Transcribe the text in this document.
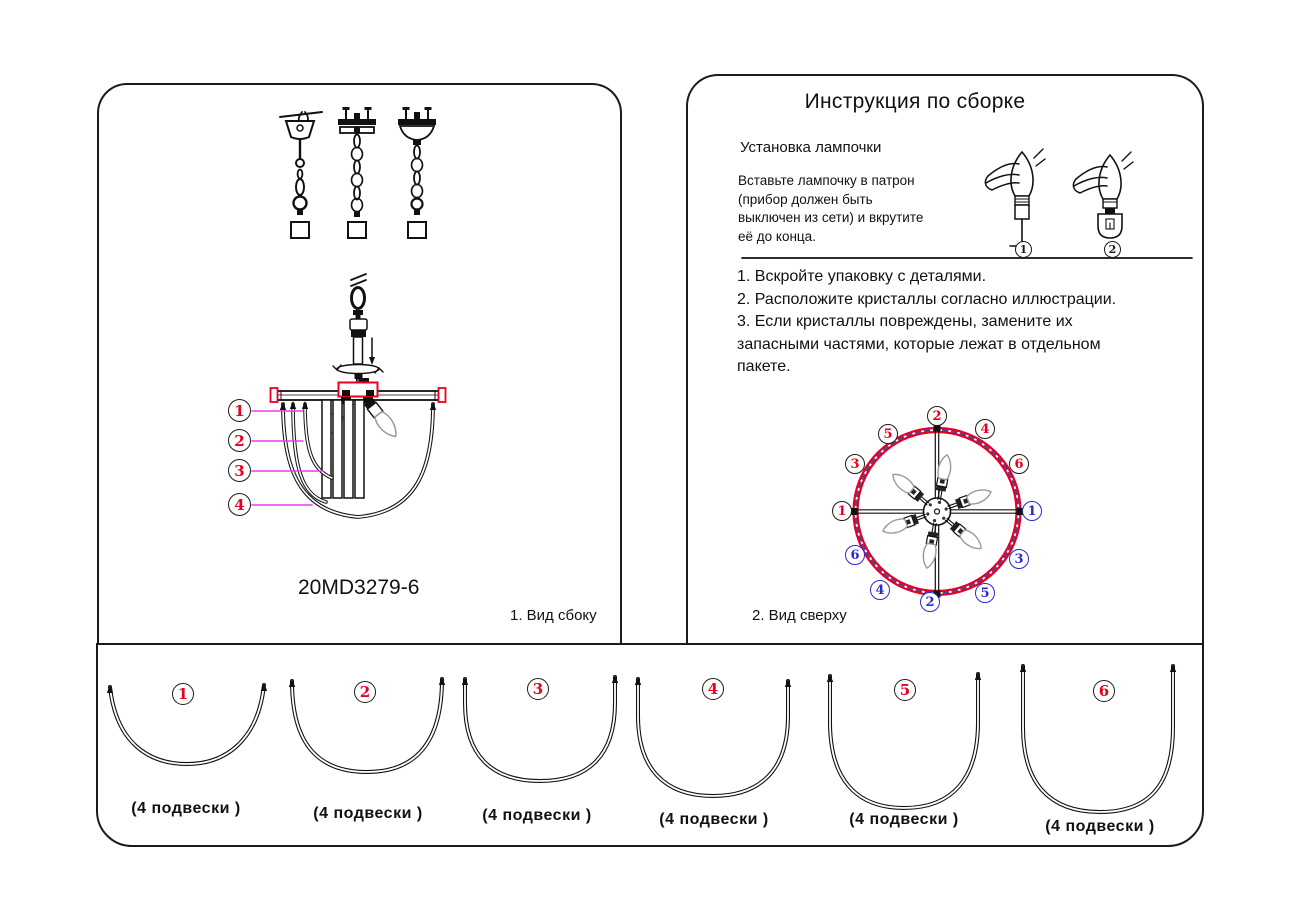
20MD3279-6
1. Вид сбоку
1
2
3
4
Инструкция по сборке
Установка лампочки
Вставьте лампочку в патрон
(прибор должен быть
выключен из сети) и вкрутите
её до конца.
1	2
1. Вскройте упаковку с деталями.
2. Расположите кристаллы согласно иллюстрации.
3. Если кристаллы повреждены, замените их
запасными частями, которые лежат в отдельном
пакете.
2. Вид сверху
2
4
6
1
3
5
2
4
6
1
3
5
1	2	3	4	5	6
(4 подвески )	(4 подвески )	(4 подвески )	(4 подвески )	(4 подвески )	(4 подвески )
